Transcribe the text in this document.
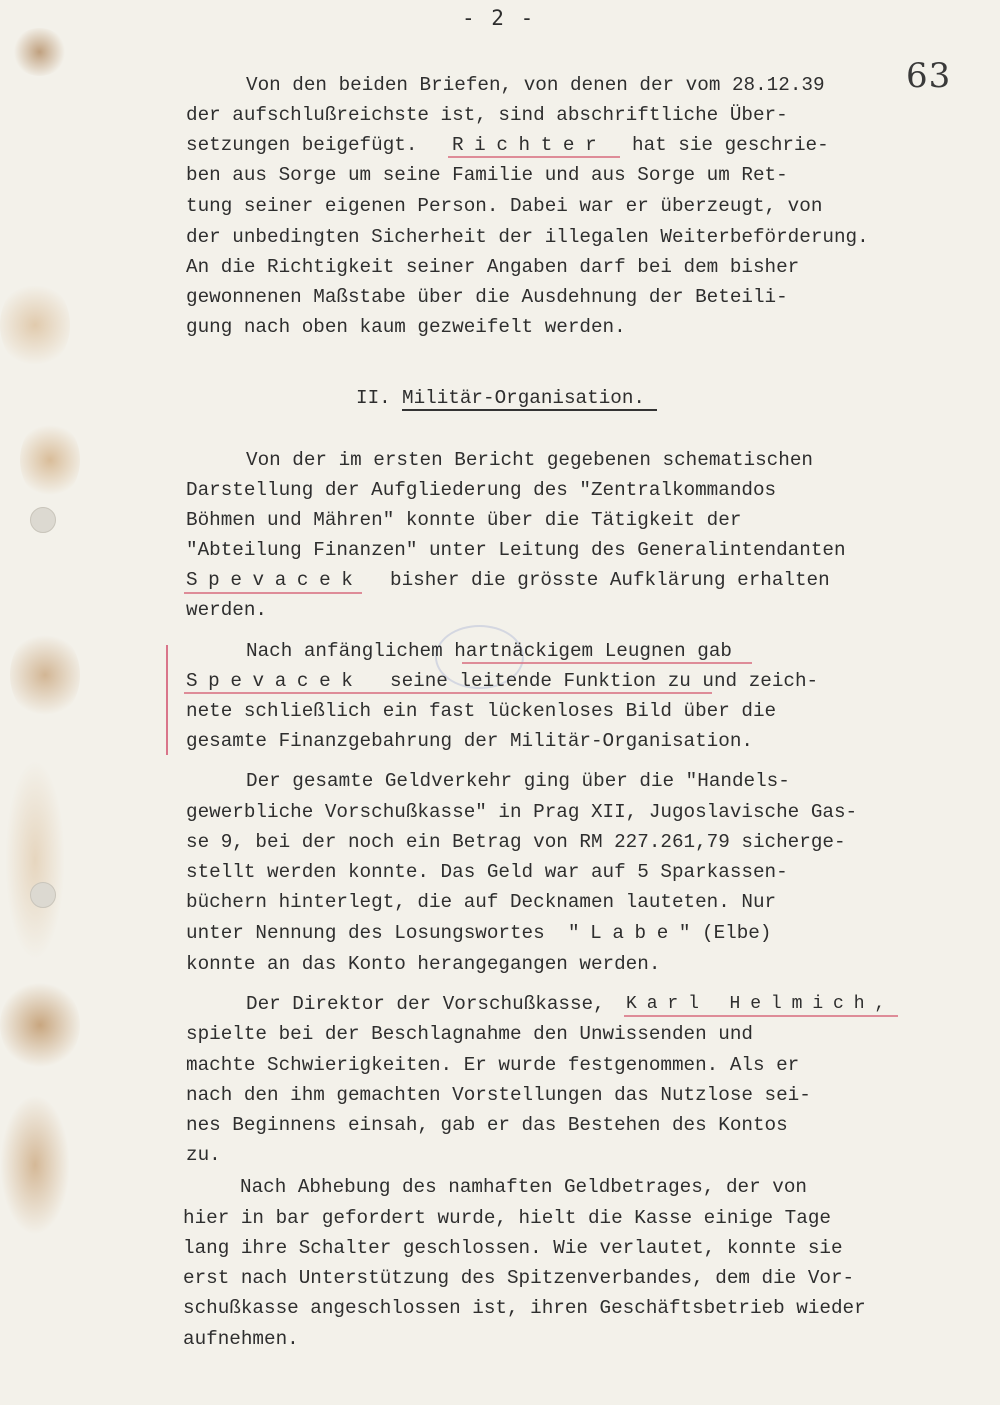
- 2 -
63
Von den beiden Briefen, von denen der vom 28.12.39
der aufschlußreichste ist, sind abschriftliche Über-
setzungen beigefügt. Richter hat sie geschrie-
ben aus Sorge um seine Familie und aus Sorge um Ret-
tung seiner eigenen Person. Dabei war er überzeugt, von
der unbedingten Sicherheit der illegalen Weiterbeförderung.
An die Richtigkeit seiner Angaben darf bei dem bisher
gewonnenen Maßstabe über die Ausdehnung der Beteili-
gung nach oben kaum gezweifelt werden.
II. Militär-Organisation.
Von der im ersten Bericht gegebenen schematischen
Darstellung der Aufgliederung des "Zentralkommandos
Böhmen und Mähren" konnte über die Tätigkeit der
"Abteilung Finanzen" unter Leitung des Generalintendanten
Spevacek bisher die grösste Aufklärung erhalten
werden.
Nach anfänglichem hartnäckigem Leugnen gab
Spevacek seine leitende Funktion zu und zeich-
nete schließlich ein fast lückenloses Bild über die
gesamte Finanzgebahrung der Militär-Organisation.
Der gesamte Geldverkehr ging über die "Handels-
gewerbliche Vorschußkasse" in Prag XII, Jugoslavische Gas-
se 9, bei der noch ein Betrag von RM 227.261,79 sicherge-
stellt werden konnte. Das Geld war auf 5 Sparkassen-
büchern hinterlegt, die auf Decknamen lauteten. Nur
unter Nennung des Losungswortes "Labe" (Elbe)
konnte an das Konto herangegangen werden.
Der Direktor der Vorschußkasse, Karl Helmich,
spielte bei der Beschlagnahme den Unwissenden und
machte Schwierigkeiten. Er wurde festgenommen. Als er
nach den ihm gemachten Vorstellungen das Nutzlose sei-
nes Beginnens einsah, gab er das Bestehen des Kontos
zu.
Nach Abhebung des namhaften Geldbetrages, der von
hier in bar gefordert wurde, hielt die Kasse einige Tage
lang ihre Schalter geschlossen. Wie verlautet, konnte sie
erst nach Unterstützung des Spitzenverbandes, dem die Vor-
schußkasse angeschlossen ist, ihren Geschäftsbetrieb wieder
aufnehmen.
